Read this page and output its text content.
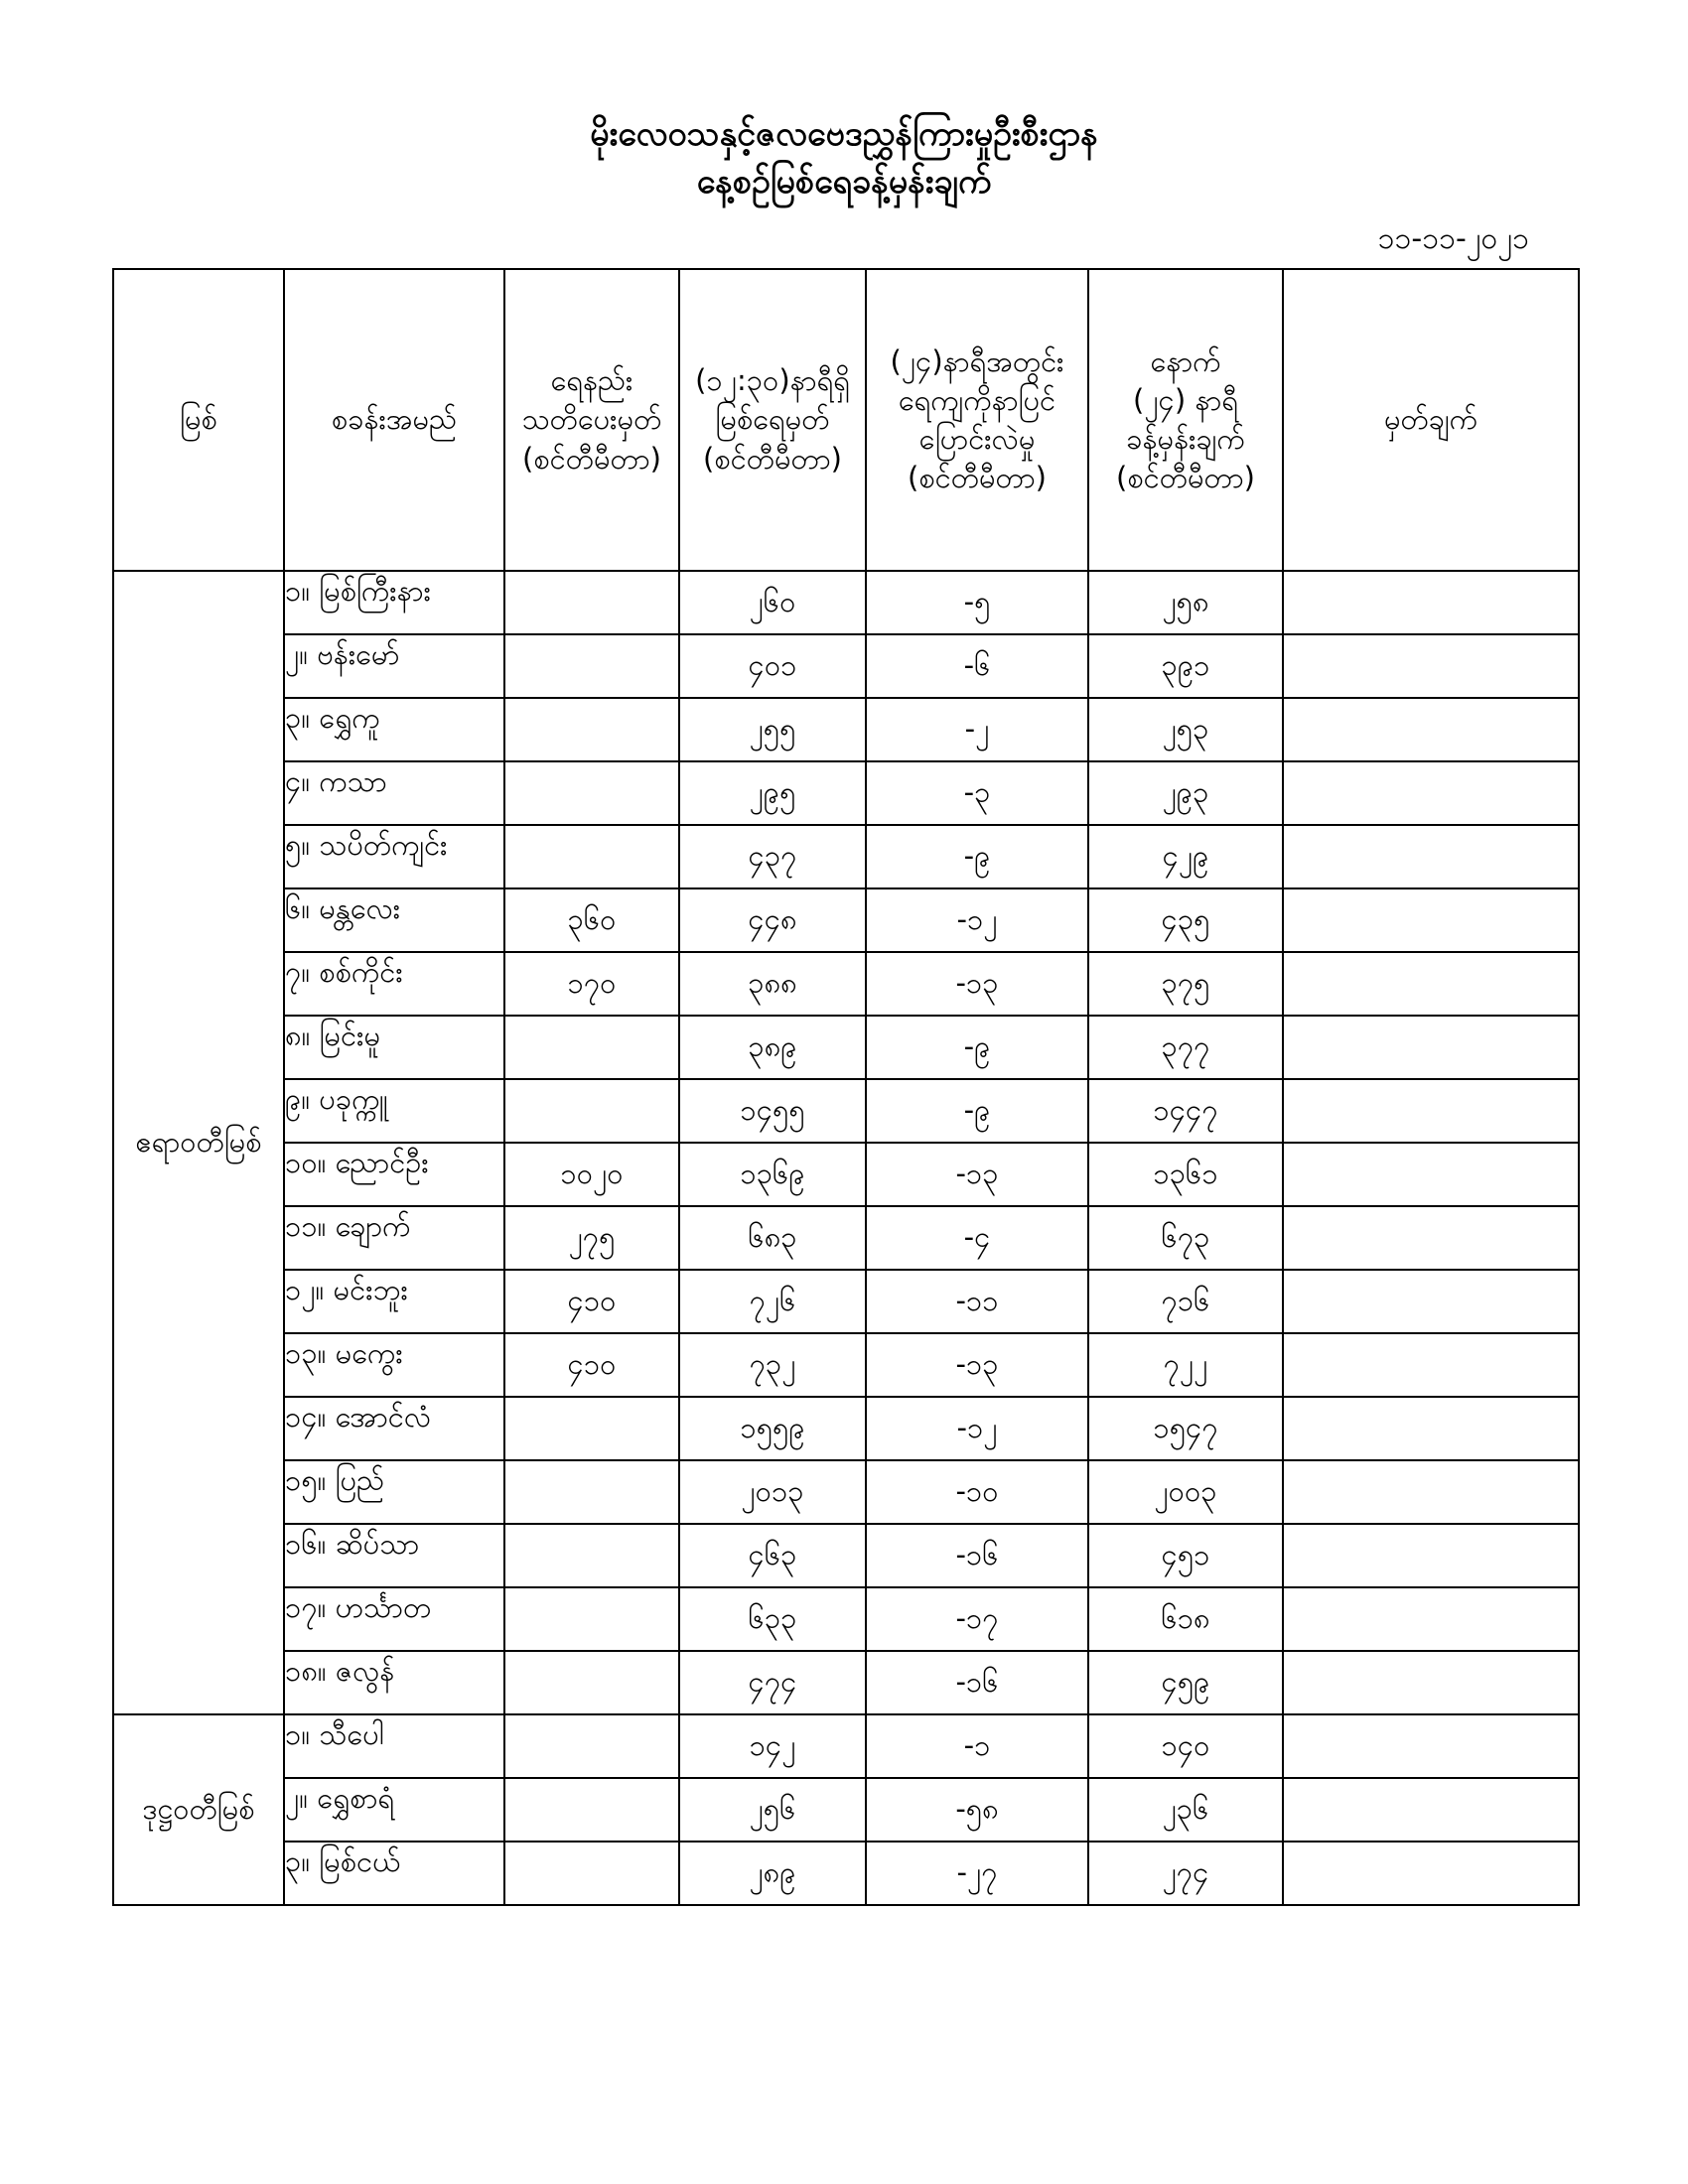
မိုးလေဝသနှင့်ဇလဗေဒညွှန်ကြားမှုဦးစီးဌာန
နေ့စဉ်မြစ်ရေခန့်မှန်းချက်
၁၁-၁၁-၂၀၂၁
မြစ်	စခန်းအမည်	ရေနည်း
သတိပေးမှတ်
(စင်တီမီတာ)	(၁၂:၃၀)နာရီရှိ
မြစ်ရေမှတ်
(စင်တီမီတာ)	(၂၄)နာရီအတွင်း
ရေကျကိုနာပြင်
ပြောင်းလဲမှု
(စင်တီမီတာ)	နောက်
(၂၄) နာရီ
ခန့်မှန်းချက်
(စင်တီမီတာ)	မှတ်ချက်
ဧရာဝတီမြစ်	၁။ မြစ်ကြီးနား		၂၆၀	-၅	၂၅၈	
	၂။ ဗန်းမော်		၄၀၁	-၆	၃၉၁	
	၃။ ရွှေကူ		၂၅၅	-၂	၂၅၃	
	၄။ ကသာ		၂၉၅	-၃	၂၉၃	
	၅။ သပိတ်ကျင်း		၄၃၇	-၉	၄၂၉	
	၆။ မန္တလေး	၃၆၀	၄၄၈	-၁၂	၄၃၅	
	၇။ စစ်ကိုင်း	၁၇၀	၃၈၈	-၁၃	၃၇၅	
	၈။ မြင်းမူ		၃၈၉	-၉	၃၇၇	
	၉။ ပခုက္ကူ		၁၄၅၅	-၉	၁၄၄၇	
	၁၀။ ညောင်ဦး	၁၀၂၀	၁၃၆၉	-၁၃	၁၃၆၁	
	၁၁။ ချောက်	၂၇၅	၆၈၃	-၄	၆၇၃	
	၁၂။ မင်းဘူး	၄၁၀	၇၂၆	-၁၁	၇၁၆	
	၁၃။ မကွေး	၄၁၀	၇၃၂	-၁၃	၇၂၂	
	၁၄။ အောင်လံ		၁၅၅၉	-၁၂	၁၅၄၇	
	၁၅။ ပြည်		၂၀၁၃	-၁၀	၂၀၀၃	
	၁၆။ ဆိပ်သာ		၄၆၃	-၁၆	၄၅၁	
	၁၇။ ဟင်္သာတ		၆၃၃	-၁၇	၆၁၈	
	၁၈။ ဇလွန်		၄၇၄	-၁၆	၄၅၉	
ဒုဋ္ဌဝတီမြစ်	၁။ သီပေါ		၁၄၂	-၁	၁၄၀	
	၂။ ရွှေစာရံ		၂၅၆	-၅၈	၂၃၆	
	၃။ မြစ်ငယ်		၂၈၉	-၂၇	၂၇၄	
